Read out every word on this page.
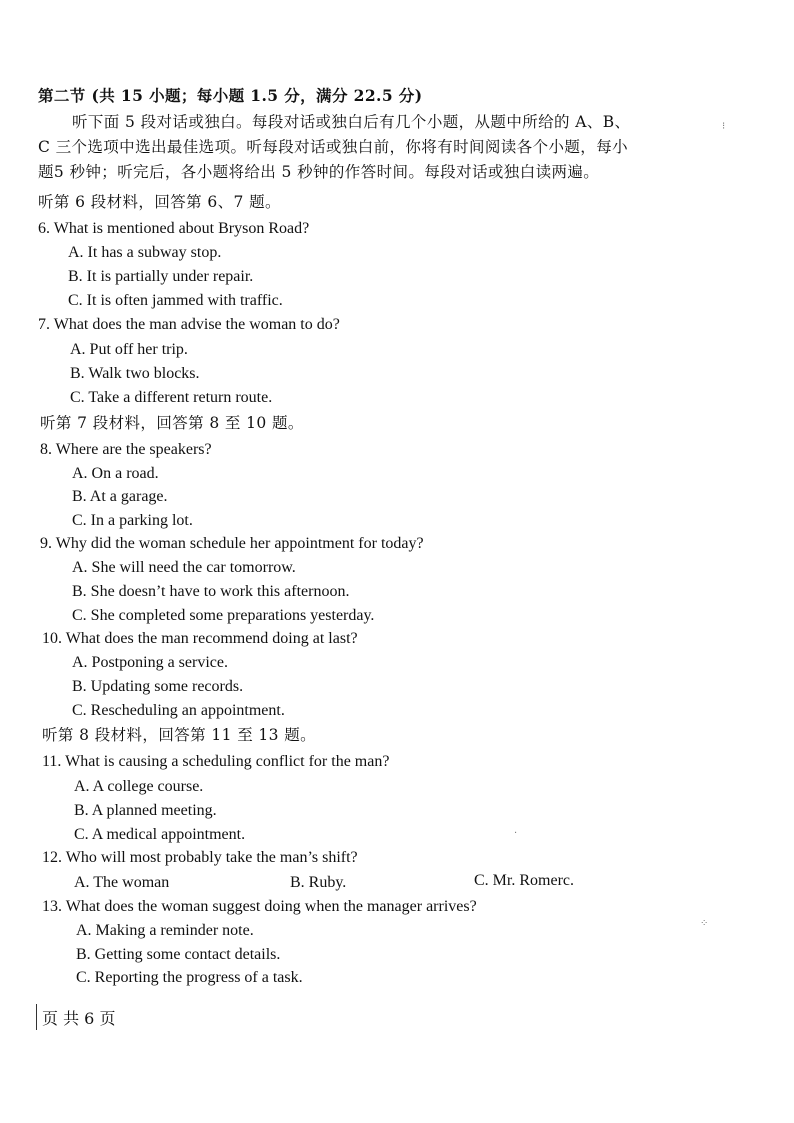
第二节 (共 15 小题；每小题 1.5 分，满分 22.5 分)
听下面 5 段对话或独白。每段对话或独白后有几个小题，从题中所给的 A、B、
C 三个选项中选出最佳选项。听每段对话或独白前，你将有时间阅读各个小题，每小
题5 秒钟；听完后，各小题将给出 5 秒钟的作答时间。每段对话或独白读两遍。
听第 6 段材料，回答第 6、7 题。
6. What is mentioned about Bryson Road?
A. It has a subway stop.
B. It is partially under repair.
C. It is often jammed with traffic.
7. What does the man advise the woman to do?
A. Put off her trip.
B. Walk two blocks.
C. Take a different return route.
听第 7 段材料，回答第 8 至 10 题。
8. Where are the speakers?
A. On a road.
B. At a garage.
C. In a parking lot.
9. Why did the woman schedule her appointment for today?
A. She will need the car tomorrow.
B. She doesn’t have to work this afternoon.
C. She completed some preparations yesterday.
10. What does the man recommend doing at last?
A. Postponing a service.
B. Updating some records.
C. Rescheduling an appointment.
听第 8 段材料，回答第 11 至 13 题。
11. What is causing a scheduling conflict for the man?
A. A college course.
B. A planned meeting.
C. A medical appointment.
12. Who will most probably take the man’s shift?
A. The woman	B. Ruby.	C. Mr. Romerc.
13. What does the woman suggest doing when the manager arrives?
A. Making a reminder note.
B. Getting some contact details.
C. Reporting the progress of a task.
页 共 6 页
⁝
⁘
·
